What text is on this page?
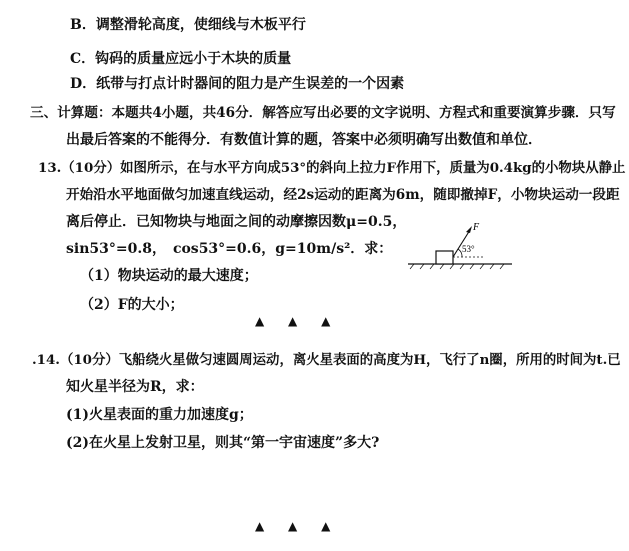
B．调整滑轮高度，使细线与木板平行
C．钩码的质量应远小于木块的质量
D．纸带与打点计时器间的阻力是产生误差的一个因素
三、计算题：本题共4小题，共46分．解答应写出必要的文字说明、方程式和重要演算步骤．只写
出最后答案的不能得分．有数值计算的题，答案中必须明确写出数值和单位．
13.（10分）如图所示，在与水平方向成53°的斜向上拉力F作用下，质量为0.4kg的小物块从静止
开始沿水平地面做匀加速直线运动，经2s运动的距离为6m，随即撤掉F，小物块运动一段距
离后停止．已知物块与地面之间的动摩擦因数μ=0.5，
sin53°=0.8，　cos53°=0.6，g=10m/s²．求：
（1）物块运动的最大速度；
（2）F的大小；
F
53°
▲ ▲ ▲
.14.（10分）飞船绕火星做匀速圆周运动，离火星表面的高度为H，飞行了n圈，所用的时间为t.已
知火星半径为R，求：
(1)火星表面的重力加速度g；
(2)在火星上发射卫星，则其“第一宇宙速度”多大?
▲ ▲ ▲
